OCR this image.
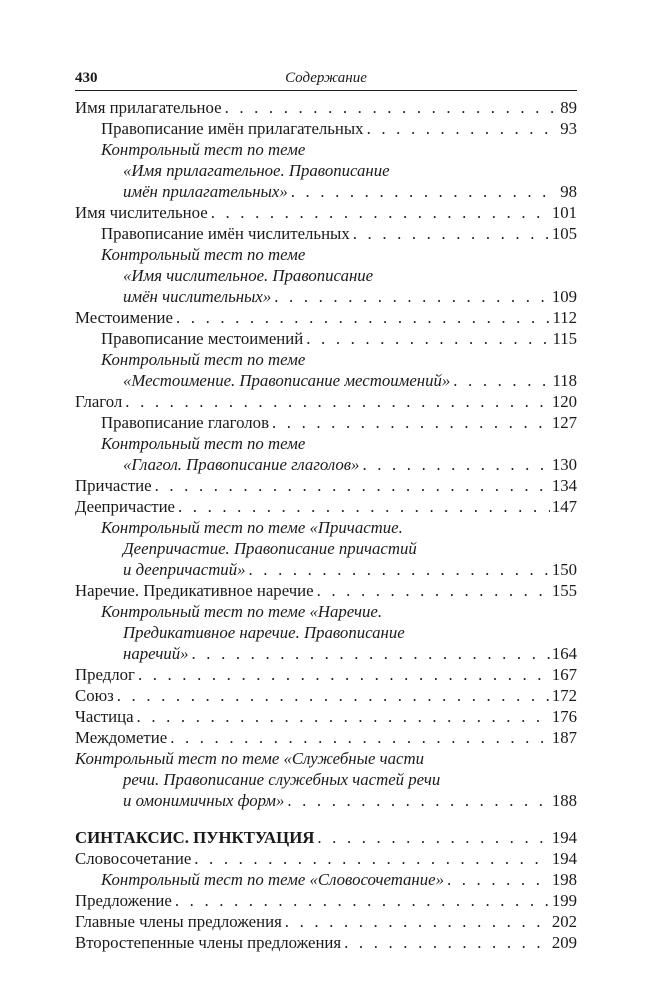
430	Содержание
Имя прилагательное . . .	89
Правописание имён прилагательных . . .	93
Контрольный тест по теме
«Имя прилагательное. Правописание
имён прилагательных» . . .	98
Имя числительное . . .	101
Правописание имён числительных . . .	105
Контрольный тест по теме
«Имя числительное. Правописание
имён числительных» . . .	109
Местоимение . . .	112
Правописание местоимений . . .	115
Контрольный тест по теме
«Местоимение. Правописание местоимений» . . .	118
Глагол . . .	120
Правописание глаголов . . .	127
Контрольный тест по теме
«Глагол. Правописание глаголов» . . .	130
Причастие . . .	134
Деепричастие . . .	147
Контрольный тест по теме «Причастие.
Деепричастие. Правописание причастий
и деепричастий» . . .	150
Наречие. Предикативное наречие . . .	155
Контрольный тест по теме «Наречие.
Предикативное наречие. Правописание
наречий» . . .	164
Предлог . . .	167
Союз . . .	172
Частица . . .	176
Междометие . . .	187
Контрольный тест по теме «Служебные части
речи. Правописание служебных частей речи
и омонимичных форм» . . .	188
СИНТАКСИС. ПУНКТУАЦИЯ . . .	194
Словосочетание . . .	194
Контрольный тест по теме «Словосочетание» . . .	198
Предложение . . .	199
Главные члены предложения . . .	202
Второстепенные члены предложения . . .	209
